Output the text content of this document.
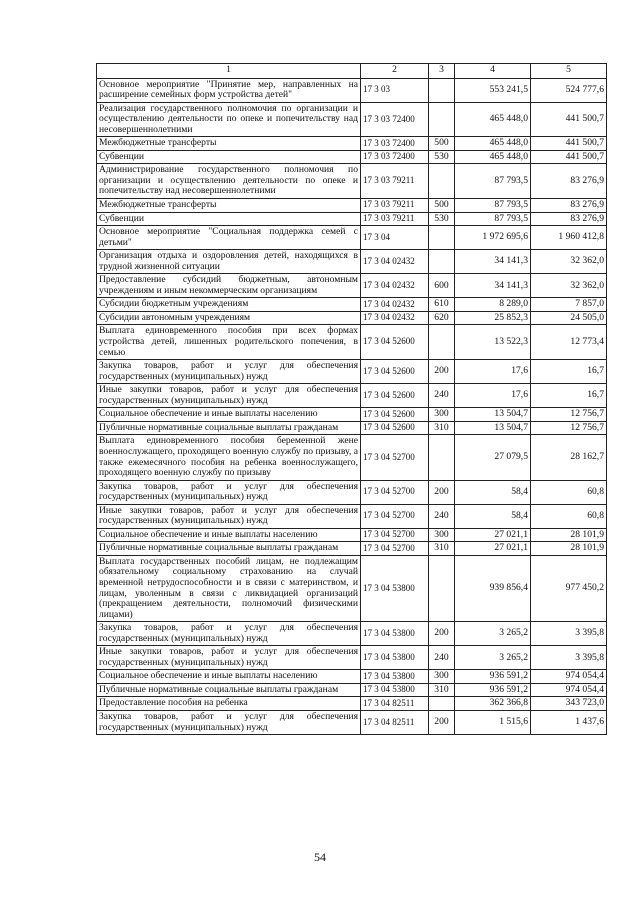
1	2	3	4	5
Основное мероприятие "Принятие мер, направленных на расширение семейных форм устройства детей"	17 3 03		553 241,5	524 777,6
Реализация государственного полномочия по организации и осуществлению деятельности по опеке и попечительству над несовершеннолетними	17 3 03 72400		465 448,0	441 500,7
Межбюджетные трансферты	17 3 03 72400	500	465 448,0	441 500,7
Субвенции	17 3 03 72400	530	465 448,0	441 500,7
Администрирование государственного полномочия по организации и осуществлению деятельности по опеке и попечительству над несовершеннолетними	17 3 03 79211		87 793,5	83 276,9
Межбюджетные трансферты	17 3 03 79211	500	87 793,5	83 276,9
Субвенции	17 3 03 79211	530	87 793,5	83 276,9
Основное мероприятие "Социальная поддержка семей с детьми"	17 3 04		1 972 695,6	1 960 412,8
Организация отдыха и оздоровления детей, находящихся в трудной жизненной ситуации	17 3 04 02432		34 141,3	32 362,0
Предоставление субсидий бюджетным, автономным учреждениям и иным некоммерческим организациям	17 3 04 02432	600	34 141,3	32 362,0
Субсидии бюджетным учреждениям	17 3 04 02432	610	8 289,0	7 857,0
Субсидии автономным учреждениям	17 3 04 02432	620	25 852,3	24 505,0
Выплата единовременного пособия при всех формах устройства детей, лишенных родительского попечения, в семью	17 3 04 52600		13 522,3	12 773,4
Закупка товаров, работ и услуг для обеспечения государственных (муниципальных) нужд	17 3 04 52600	200	17,6	16,7
Иные закупки товаров, работ и услуг для обеспечения государственных (муниципальных) нужд	17 3 04 52600	240	17,6	16,7
Социальное обеспечение и иные выплаты населению	17 3 04 52600	300	13 504,7	12 756,7
Публичные нормативные социальные выплаты гражданам	17 3 04 52600	310	13 504,7	12 756,7
Выплата единовременного пособия беременной жене военнослужащего, проходящего военную службу по призыву, а также ежемесячного пособия на ребенка военнослужащего, проходящего военную службу по призыву	17 3 04 52700		27 079,5	28 162,7
Закупка товаров, работ и услуг для обеспечения государственных (муниципальных) нужд	17 3 04 52700	200	58,4	60,8
Иные закупки товаров, работ и услуг для обеспечения государственных (муниципальных) нужд	17 3 04 52700	240	58,4	60,8
Социальное обеспечение и иные выплаты населению	17 3 04 52700	300	27 021,1	28 101,9
Публичные нормативные социальные выплаты гражданам	17 3 04 52700	310	27 021,1	28 101,9
Выплата государственных пособий лицам, не подлежащим обязательному социальному страхованию на случай временной нетрудоспособности и в связи с материнством, и лицам, уволенным в связи с ликвидацией организаций (прекращением деятельности, полномочий физическими лицами)	17 3 04 53800		939 856,4	977 450,2
Закупка товаров, работ и услуг для обеспечения государственных (муниципальных) нужд	17 3 04 53800	200	3 265,2	3 395,8
Иные закупки товаров, работ и услуг для обеспечения государственных (муниципальных) нужд	17 3 04 53800	240	3 265,2	3 395,8
Социальное обеспечение и иные выплаты населению	17 3 04 53800	300	936 591,2	974 054,4
Публичные нормативные социальные выплаты гражданам	17 3 04 53800	310	936 591,2	974 054,4
Предоставление пособия на ребенка	17 3 04 82511		362 366,8	343 723,0
Закупка товаров, работ и услуг для обеспечения государственных (муниципальных) нужд	17 3 04 82511	200	1 515,6	1 437,6
54
